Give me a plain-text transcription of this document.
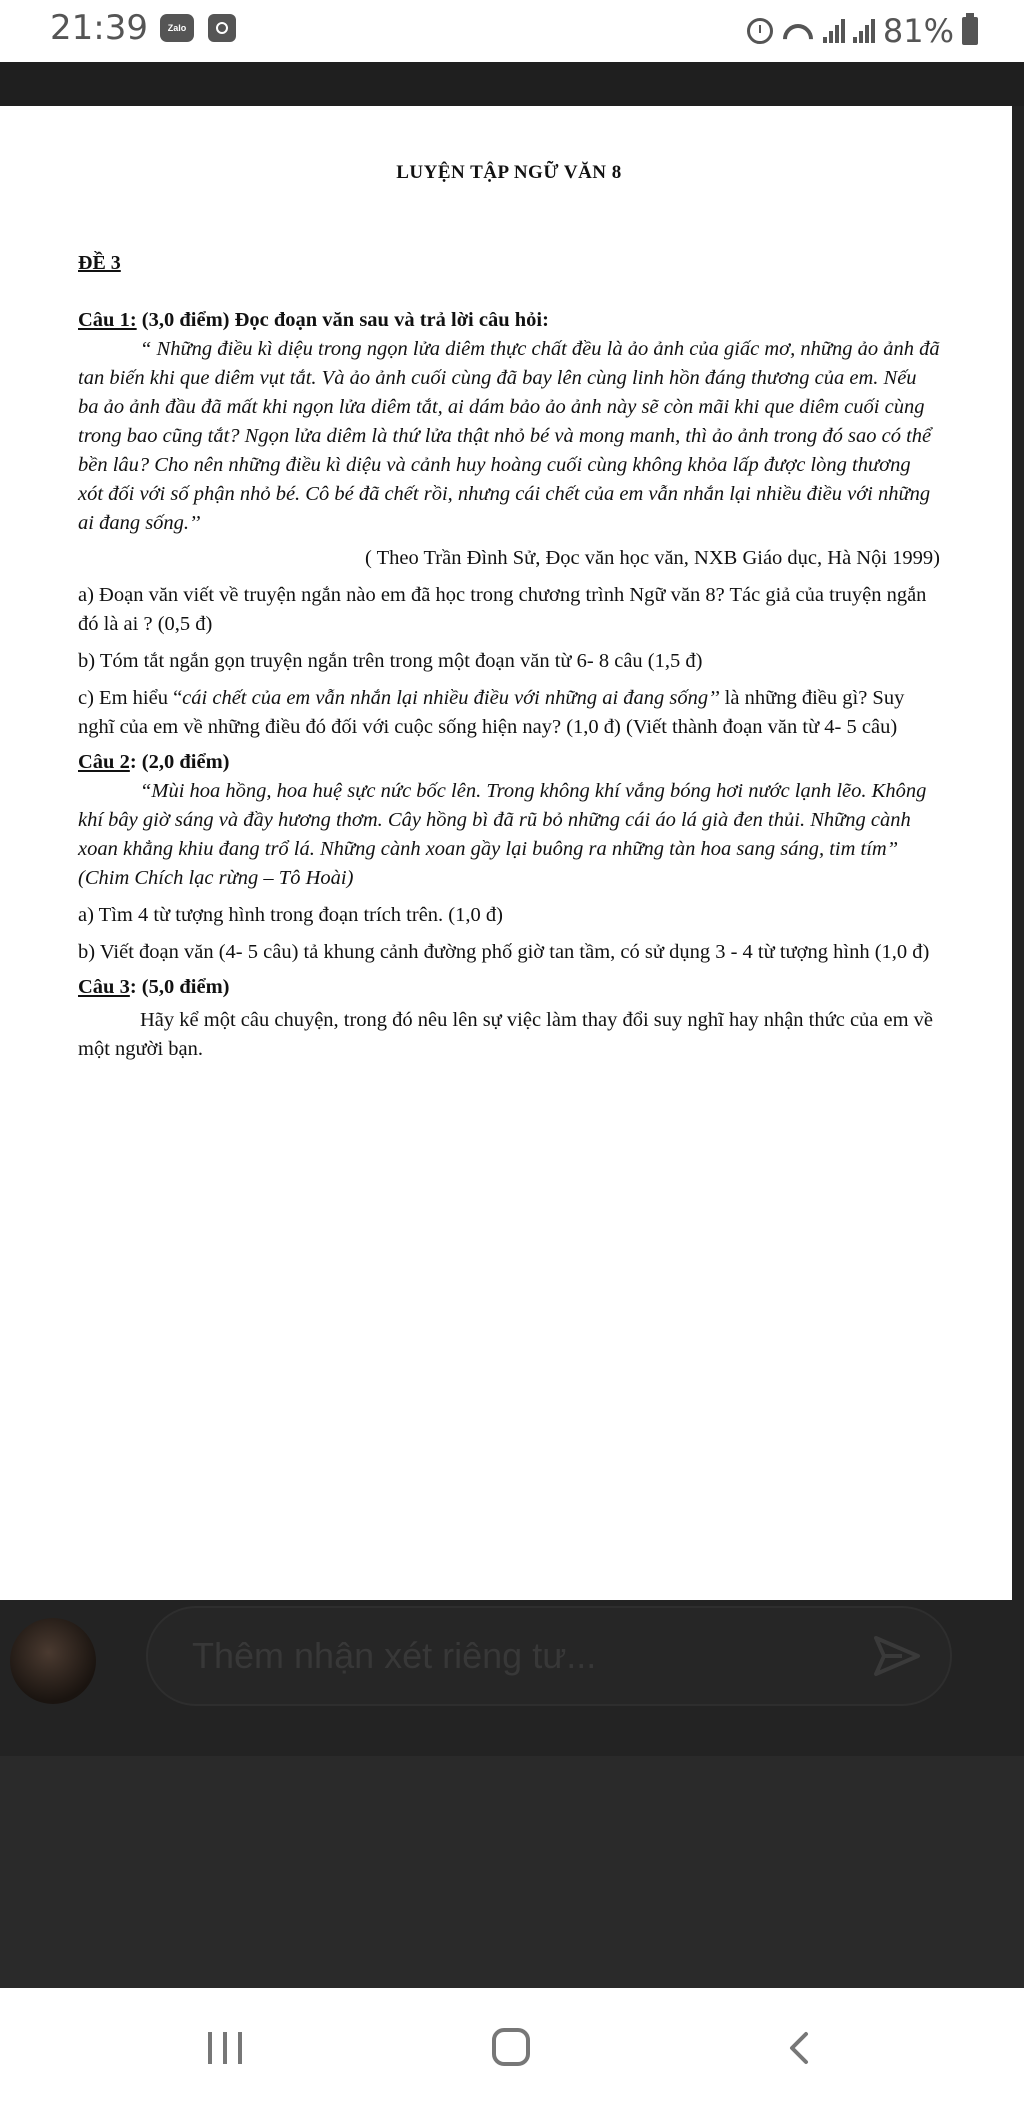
21:39	Zalo	81%
LUYỆN TẬP NGỮ VĂN 8
ĐỀ 3

Câu 1: (3,0 điểm) Đọc đoạn văn sau và trả lời câu hỏi:

“ Những điều kì diệu trong ngọn lửa diêm thực chất đều là ảo ảnh của giấc mơ, những ảo ảnh đã tan biến khi que diêm vụt tắt. Và ảo ảnh cuối cùng đã bay lên cùng linh hồn đáng thương của em. Nếu ba ảo ảnh đầu đã mất khi ngọn lửa diêm tắt, ai dám bảo ảo ảnh này sẽ còn mãi khi que diêm cuối cùng trong bao cũng tắt? Ngọn lửa diêm là thứ lửa thật nhỏ bé và mong manh, thì ảo ảnh trong đó sao có thể bền lâu? Cho nên những điều kì diệu và cảnh huy hoàng cuối cùng không khỏa lấp được lòng thương xót đối với số phận nhỏ bé. Cô bé đã chết rồi, nhưng cái chết của em vẫn nhắn lại nhiều điều với những ai đang sống.’’

( Theo Trần Đình Sử, Đọc văn học văn, NXB Giáo dục, Hà Nội 1999)

a) Đoạn văn viết về truyện ngắn nào em đã học trong chương trình Ngữ văn 8? Tác giả của truyện ngắn đó là ai ? (0,5 đ)

b) Tóm tắt ngắn gọn truyện ngắn trên trong một đoạn văn từ 6- 8 câu (1,5 đ)

c) Em hiểu “cái chết của em vẫn nhắn lại nhiều điều với những ai đang sống’’ là những điều gì? Suy nghĩ của em về những điều đó đối với cuộc sống hiện nay? (1,0 đ) (Viết thành đoạn văn từ 4- 5 câu)

Câu 2: (2,0 điểm)

“Mùi hoa hồng, hoa huệ sực nức bốc lên. Trong không khí vắng bóng hơi nước lạnh lẽo. Không khí bây giờ sáng và đầy hương thơm. Cây hồng bì đã rũ bỏ những cái áo lá già đen thủi. Những cành xoan khẳng khiu đang trổ lá. Những cành xoan gầy lại buông ra những tàn hoa sang sáng, tim tím” (Chim Chích lạc rừng – Tô Hoài)

a) Tìm 4 từ tượng hình trong đoạn trích trên. (1,0 đ)

b) Viết đoạn văn (4- 5 câu) tả khung cảnh đường phố giờ tan tầm, có sử dụng 3 - 4 từ tượng hình (1,0 đ)

Câu 3: (5,0 điểm)

Hãy kể một câu chuyện, trong đó nêu lên sự việc làm thay đổi suy nghĩ hay nhận thức của em về một người bạn.

Thêm nhận xét riêng tư...
